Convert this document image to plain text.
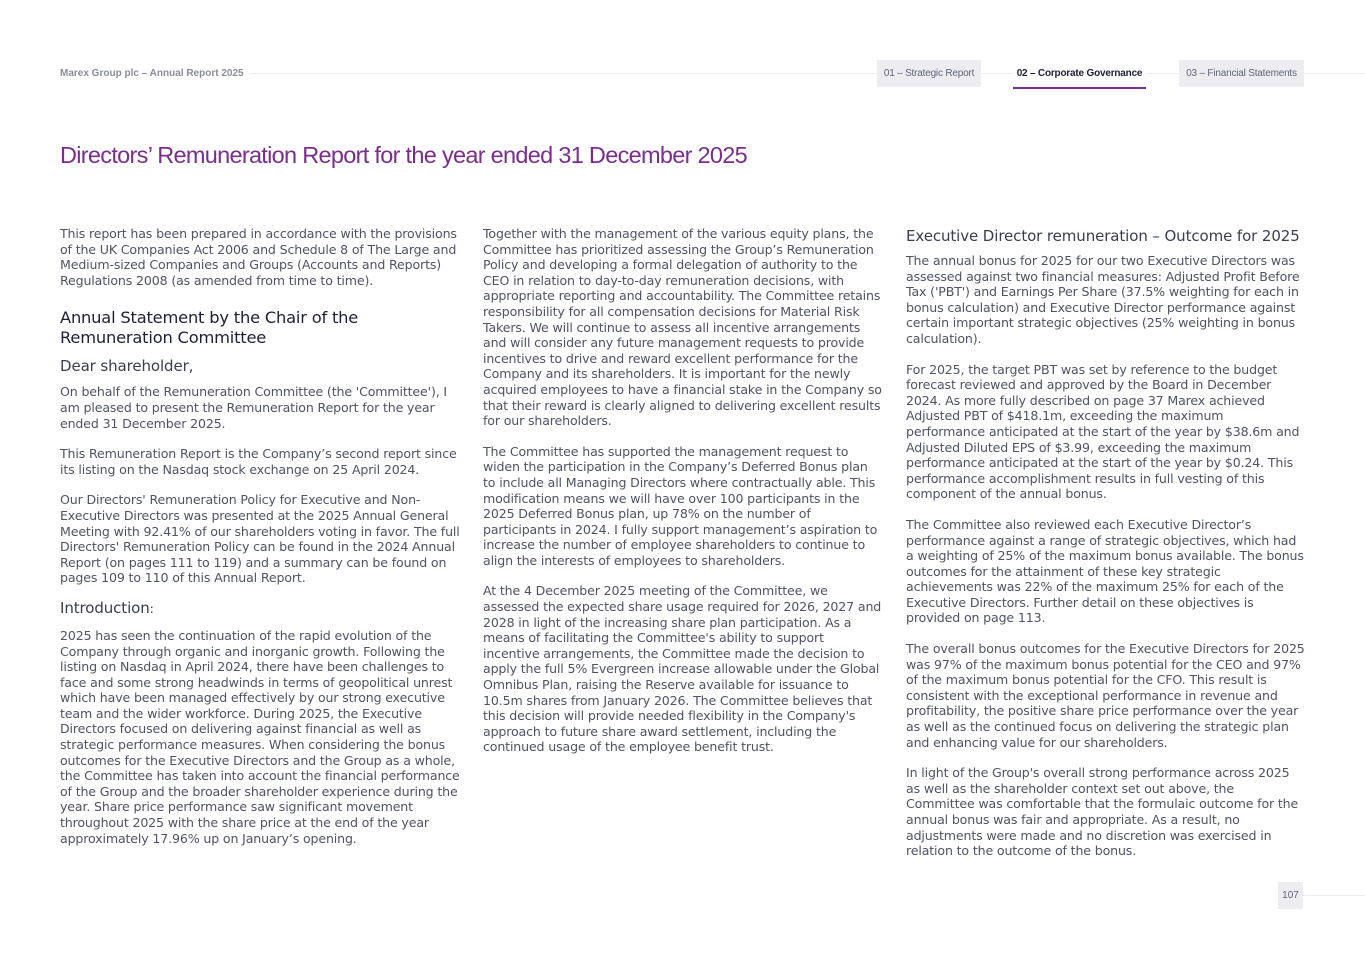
Marex Group plc – Annual Report 2025	01 – Strategic Report	02 – Corporate Governance	03 – Financial Statements
Directors’ Remuneration Report for the year ended 31 December 2025

This report has been prepared in accordance with the provisions of the UK Companies Act 2006 and Schedule 8 of The Large and Medium-sized Companies and Groups (Accounts and Reports) Regulations 2008 (as amended from time to time).

Annual Statement by the Chair of the Remuneration Committee
Dear shareholder,

On behalf of the Remuneration Committee (the 'Committee'), I am pleased to present the Remuneration Report for the year ended 31 December 2025.

This Remuneration Report is the Company’s second report since its listing on the Nasdaq stock exchange on 25 April 2024.

Our Directors' Remuneration Policy for Executive and Non-Executive Directors was presented at the 2025 Annual General Meeting with 92.41% of our shareholders voting in favor. The full Directors' Remuneration Policy can be found in the 2024 Annual Report (on pages 111 to 119) and a summary can be found on pages 109 to 110 of this Annual Report.

Introduction:

2025 has seen the continuation of the rapid evolution of the Company through organic and inorganic growth. Following the listing on Nasdaq in April 2024, there have been challenges to face and some strong headwinds in terms of geopolitical unrest which have been managed effectively by our strong executive team and the wider workforce. During 2025, the Executive Directors focused on delivering against financial as well as strategic performance measures. When considering the bonus outcomes for the Executive Directors and the Group as a whole, the Committee has taken into account the financial performance of the Group and the broader shareholder experience during the year. Share price performance saw significant movement throughout 2025 with the share price at the end of the year approximately 17.96% up on January’s opening.

Together with the management of the various equity plans, the Committee has prioritized assessing the Group’s Remuneration Policy and developing a formal delegation of authority to the CEO in relation to day-to-day remuneration decisions, with appropriate reporting and accountability. The Committee retains responsibility for all compensation decisions for Material Risk Takers. We will continue to assess all incentive arrangements and will consider any future management requests to provide incentives to drive and reward excellent performance for the Company and its shareholders. It is important for the newly acquired employees to have a financial stake in the Company so that their reward is clearly aligned to delivering excellent results for our shareholders.

The Committee has supported the management request to widen the participation in the Company’s Deferred Bonus plan to include all Managing Directors where contractually able. This modification means we will have over 100 participants in the 2025 Deferred Bonus plan, up 78% on the number of participants in 2024. I fully support management’s aspiration to increase the number of employee shareholders to continue to align the interests of employees to shareholders.

At the 4 December 2025 meeting of the Committee, we assessed the expected share usage required for 2026, 2027 and 2028 in light of the increasing share plan participation. As a means of facilitating the Committee's ability to support incentive arrangements, the Committee made the decision to apply the full 5% Evergreen increase allowable under the Global Omnibus Plan, raising the Reserve available for issuance to 10.5m shares from January 2026. The Committee believes that this decision will provide needed flexibility in the Company's approach to future share award settlement, including the continued usage of the employee benefit trust.

Executive Director remuneration – Outcome for 2025

The annual bonus for 2025 for our two Executive Directors was assessed against two financial measures: Adjusted Profit Before Tax ('PBT') and Earnings Per Share (37.5% weighting for each in bonus calculation) and Executive Director performance against certain important strategic objectives (25% weighting in bonus calculation).

For 2025, the target PBT was set by reference to the budget forecast reviewed and approved by the Board in December 2024. As more fully described on page 37 Marex achieved Adjusted PBT of $418.1m, exceeding the maximum performance anticipated at the start of the year by $38.6m and Adjusted Diluted EPS of $3.99, exceeding the maximum performance anticipated at the start of the year by $0.24. This performance accomplishment results in full vesting of this component of the annual bonus.

The Committee also reviewed each Executive Director’s performance against a range of strategic objectives, which had a weighting of 25% of the maximum bonus available. The bonus outcomes for the attainment of these key strategic achievements was 22% of the maximum 25% for each of the Executive Directors. Further detail on these objectives is provided on page 113.

The overall bonus outcomes for the Executive Directors for 2025 was 97% of the maximum bonus potential for the CEO and 97% of the maximum bonus potential for the CFO. This result is consistent with the exceptional performance in revenue and profitability, the positive share price performance over the year as well as the continued focus on delivering the strategic plan and enhancing value for our shareholders.

In light of the Group's overall strong performance across 2025 as well as the shareholder context set out above, the Committee was comfortable that the formulaic outcome for the annual bonus was fair and appropriate. As a result, no adjustments were made and no discretion was exercised in relation to the outcome of the bonus.

107
